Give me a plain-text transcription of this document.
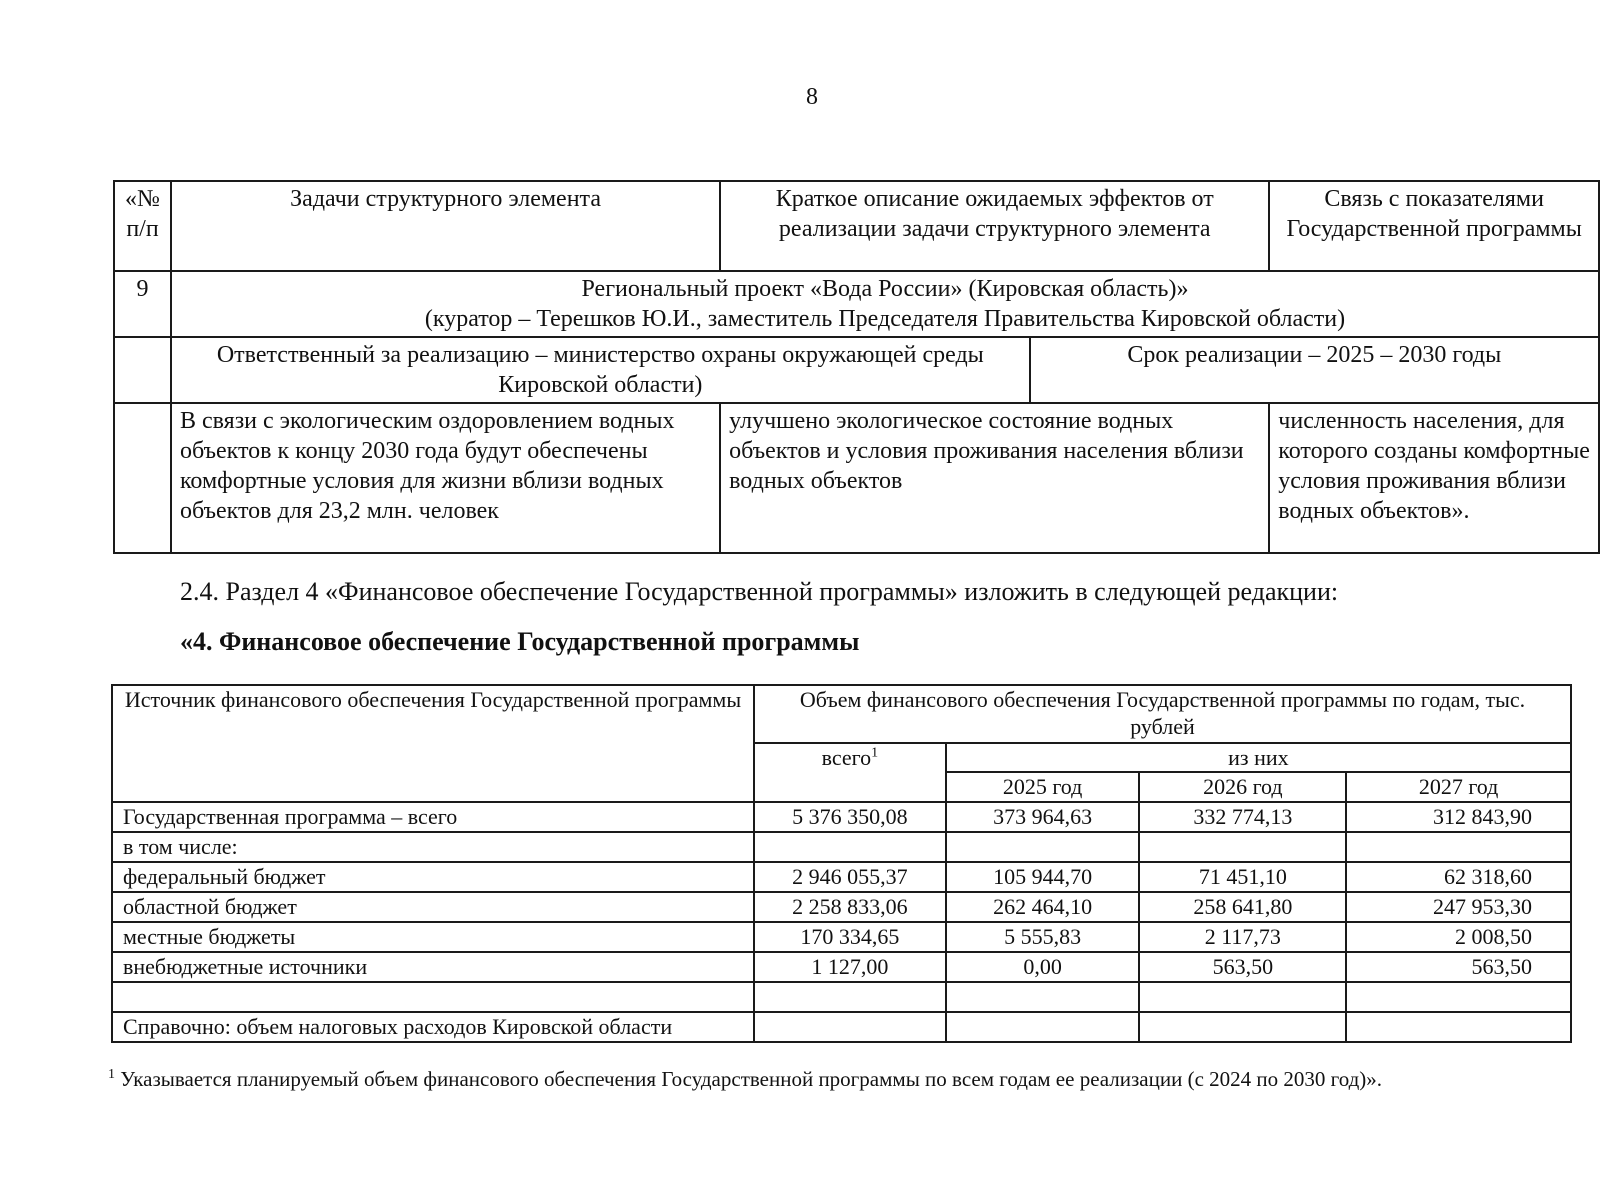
8
«№ п/п	Задачи структурного элемента	Краткое описание ожидаемых эффектов от реализации задачи структурного элемента		Связь с показателями Государственной программы
9	Региональный проект «Вода России» (Кировская область)»
(куратор – Терешков Ю.И., заместитель Председателя Правительства Кировской области)			

	Ответственный за реализацию – министерство охраны окружающей среды Кировской области)		Срок реализации – 2025 – 2030 годы	
	В связи с экологическим оздоровлением водных объектов к концу 2030 года будут обеспечены комфортные условия для жизни вблизи водных объектов для 23,2 млн. человек	улучшено экологическое состояние водных объектов и условия проживания населения вблизи водных объектов		численность населения, для которого созданы комфортные условия проживания вблизи водных объектов».
2.4. Раздел 4 «Финансовое обеспечение Государственной программы» изложить в следующей редакции:
«4. Финансовое обеспечение Государственной программы
Источник финансового обеспечения Государственной программы	Объем финансового обеспечения Государственной программы по годам, тыс. рублей			
	всего$^1$	из них		
		2025 год	2026 год	2027 год
Государственная программа – всего	5 376 350,08	373 964,63	332 774,13	312 843,90
в том числе:				
федеральный бюджет	2 946 055,37	105 944,70	71 451,10	62 318,60
областной бюджет	2 258 833,06	262 464,10	258 641,80	247 953,30
местные бюджеты	170 334,65	5 555,83	2 117,73	2 008,50
внебюджетные источники	1 127,00	0,00	563,50	563,50

Справочно: объем налоговых расходов Кировской области				
$^1$ Указывается планируемый объем финансового обеспечения Государственной программы по всем годам ее реализации (с 2024 по 2030 год)».
